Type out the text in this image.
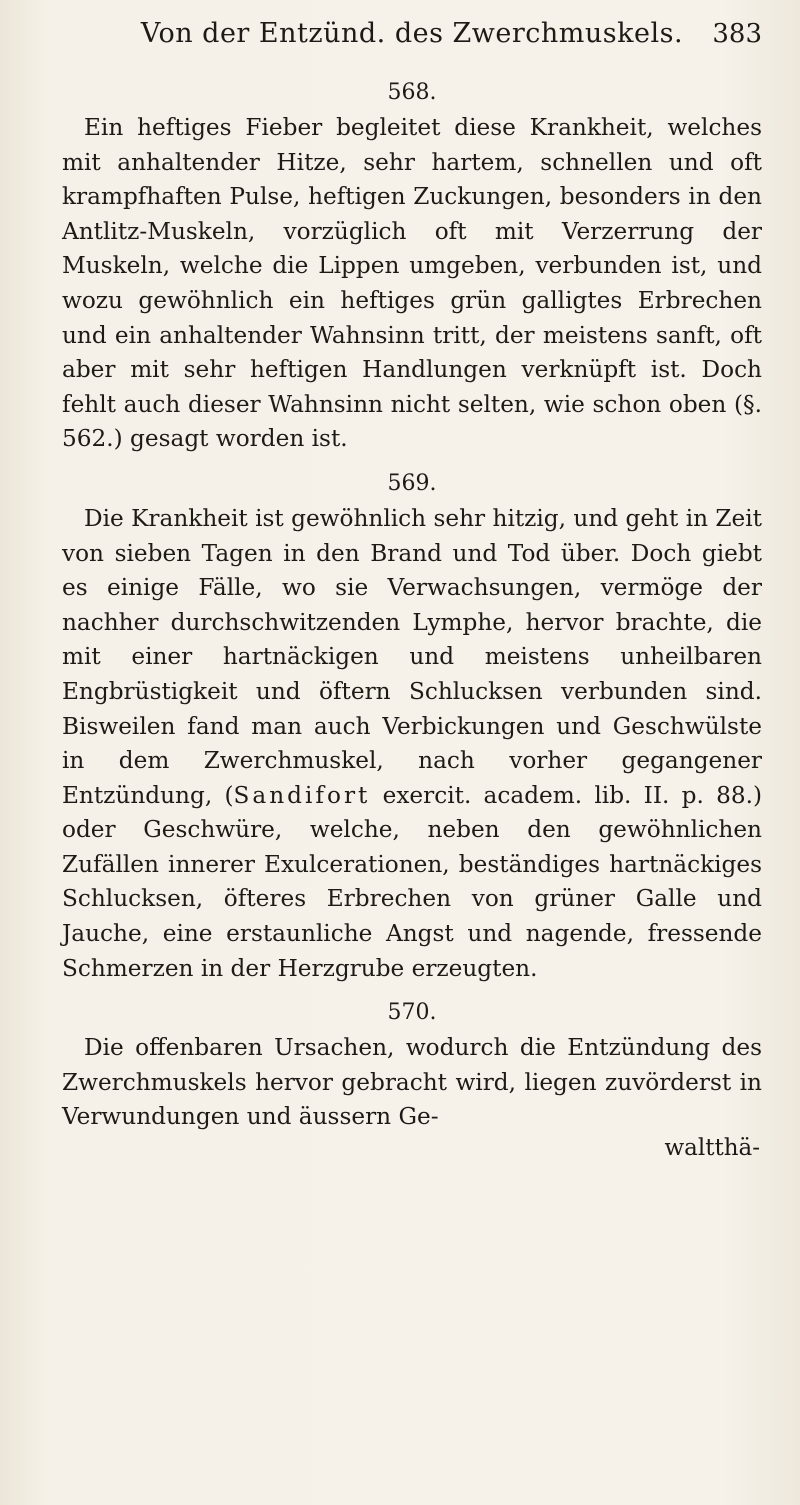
Von der Entzünd. des Zwerchmuskels.	383
568.

Ein heftiges Fieber begleitet diese Krankheit, welches mit anhaltender Hitze, sehr hartem, schnellen und oft krampfhaften Pulse, heftigen Zuckungen, besonders in den Antlitz-Muskeln, vorzüglich oft mit Verzerrung der Muskeln, welche die Lippen umgeben, verbunden ist, und wozu gewöhnlich ein heftiges grün galligtes Erbrechen und ein anhaltender Wahnsinn tritt, der meistens sanft, oft aber mit sehr heftigen Handlungen verknüpft ist. Doch fehlt auch dieser Wahnsinn nicht selten, wie schon oben (§. 562.) gesagt worden ist.

569.

Die Krankheit ist gewöhnlich sehr hitzig, und geht in Zeit von sieben Tagen in den Brand und Tod über. Doch giebt es einige Fälle, wo sie Verwachsungen, vermöge der nachher durchschwitzenden Lymphe, hervor brachte, die mit einer hartnäckigen und meistens unheilbaren Engbrüstigkeit und öftern Schlucksen verbunden sind. Bisweilen fand man auch Verbickungen und Geschwülste in dem Zwerchmuskel, nach vorher gegangener Entzündung, (Sandifort exercit. academ. lib. II. p. 88.) oder Geschwüre, welche, neben den gewöhnlichen Zufällen innerer Exulcerationen, beständiges hartnäckiges Schlucksen, öfteres Erbrechen von grüner Galle und Jauche, eine erstaunliche Angst und nagende, fressende Schmerzen in der Herzgrube erzeugten.

570.

Die offenbaren Ursachen, wodurch die Entzündung des Zwerchmuskels hervor gebracht wird, liegen zuvörderst in Verwundungen und äussern Ge-

waltthä-
